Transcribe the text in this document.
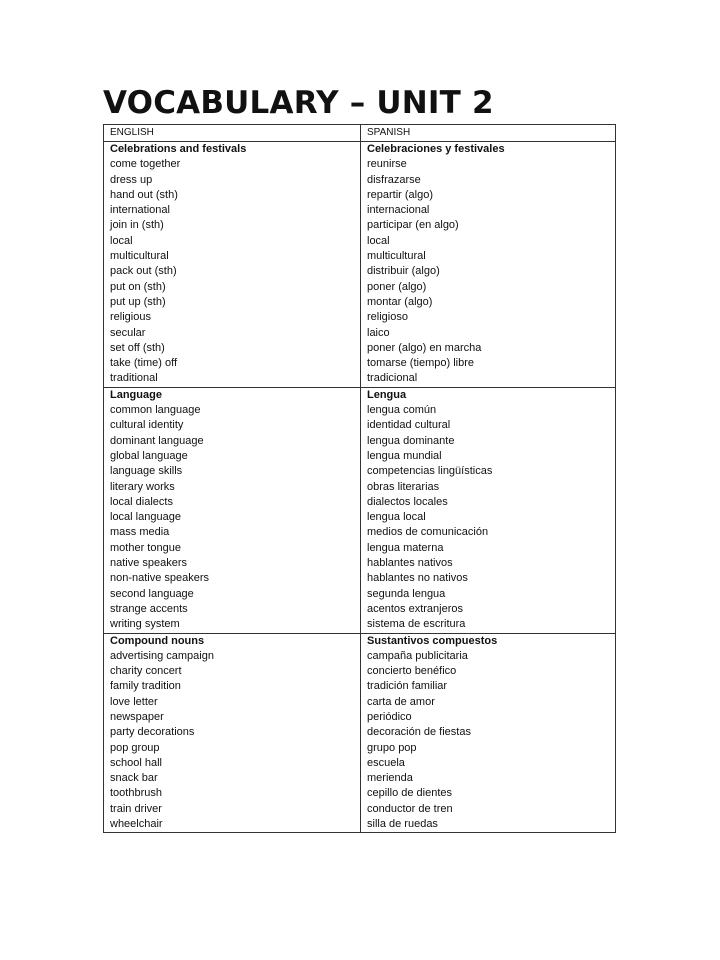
VOCABULARY – UNIT 2
ENGLISH	SPANISH
Celebrations and festivals
come together
dress up
hand out (sth)
international
join in (sth)
local
multicultural
pack out (sth)
put on (sth)
put up (sth)
religious
secular
set off (sth)
take (time) off
traditional
Celebraciones y festivales
reunirse
disfrazarse
repartir (algo)
internacional
participar (en algo)
local
multicultural
distribuir (algo)
poner (algo)
montar (algo)
religioso
laico
poner (algo) en marcha
tomarse (tiempo) libre
tradicional
Language
common language
cultural identity
dominant language
global language
language skills
literary works
local dialects
local language
mass media
mother tongue
native speakers
non-native speakers
second language
strange accents
writing system
Lengua
lengua común
identidad cultural
lengua dominante
lengua mundial
competencias lingüísticas
obras literarias
dialectos locales
lengua local
medios de comunicación
lengua materna
hablantes nativos
hablantes no nativos
segunda lengua
acentos extranjeros
sistema de escritura
Compound nouns
advertising campaign
charity concert
family tradition
love letter
newspaper
party decorations
pop group
school hall
snack bar
toothbrush
train driver
wheelchair
Sustantivos compuestos
campaña publicitaria
concierto benéfico
tradición familiar
carta de amor
periódico
decoración de fiestas
grupo pop
escuela
merienda
cepillo de dientes
conductor de tren
silla de ruedas
